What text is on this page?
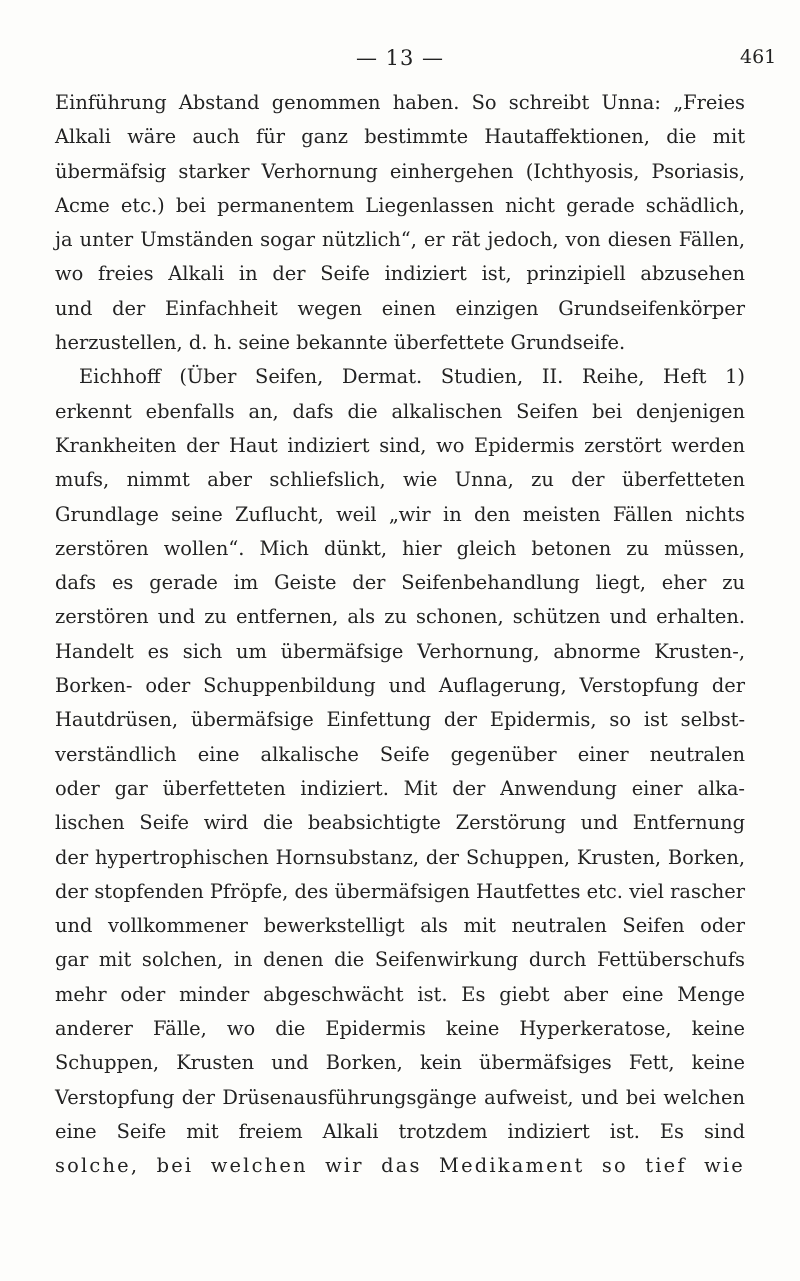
— 13 —	461
Einführung Abstand genommen haben. So schreibt Unna: „Freies
Alkali wäre auch für ganz bestimmte Hautaffektionen, die mit
übermäfsig starker Verhornung einhergehen (Ichthyosis, Psoriasis,
Acme etc.) bei permanentem Liegenlassen nicht gerade schädlich,
ja unter Umständen sogar nützlich“, er rät jedoch, von diesen Fällen,
wo freies Alkali in der Seife indiziert ist, prinzipiell abzusehen
und der Einfachheit wegen einen einzigen Grundseifenkörper
herzustellen, d. h. seine bekannte überfettete Grundseife.
Eichhoff (Über Seifen, Dermat. Studien, II. Reihe, Heft 1)
erkennt ebenfalls an, dafs die alkalischen Seifen bei denjenigen
Krankheiten der Haut indiziert sind, wo Epidermis zerstört werden
mufs, nimmt aber schliefslich, wie Unna, zu der überfetteten
Grundlage seine Zuflucht, weil „wir in den meisten Fällen nichts
zerstören wollen“. Mich dünkt, hier gleich betonen zu müssen,
dafs es gerade im Geiste der Seifenbehandlung liegt, eher zu
zerstören und zu entfernen, als zu schonen, schützen und erhalten.
Handelt es sich um übermäfsige Verhornung, abnorme Krusten-,
Borken- oder Schuppenbildung und Auflagerung, Verstopfung der
Hautdrüsen, übermäfsige Einfettung der Epidermis, so ist selbst-
verständlich eine alkalische Seife gegenüber einer neutralen
oder gar überfetteten indiziert. Mit der Anwendung einer alka-
lischen Seife wird die beabsichtigte Zerstörung und Entfernung
der hypertrophischen Hornsubstanz, der Schuppen, Krusten, Borken,
der stopfenden Pfröpfe, des übermäfsigen Hautfettes etc. viel rascher
und vollkommener bewerkstelligt als mit neutralen Seifen oder
gar mit solchen, in denen die Seifenwirkung durch Fettüberschufs
mehr oder minder abgeschwächt ist. Es giebt aber eine Menge
anderer Fälle, wo die Epidermis keine Hyperkeratose, keine
Schuppen, Krusten und Borken, kein übermäfsiges Fett, keine
Verstopfung der Drüsenausführungsgänge aufweist, und bei welchen
eine Seife mit freiem Alkali trotzdem indiziert ist. Es sind
solche, bei welchen wir das Medikament so tief wie
